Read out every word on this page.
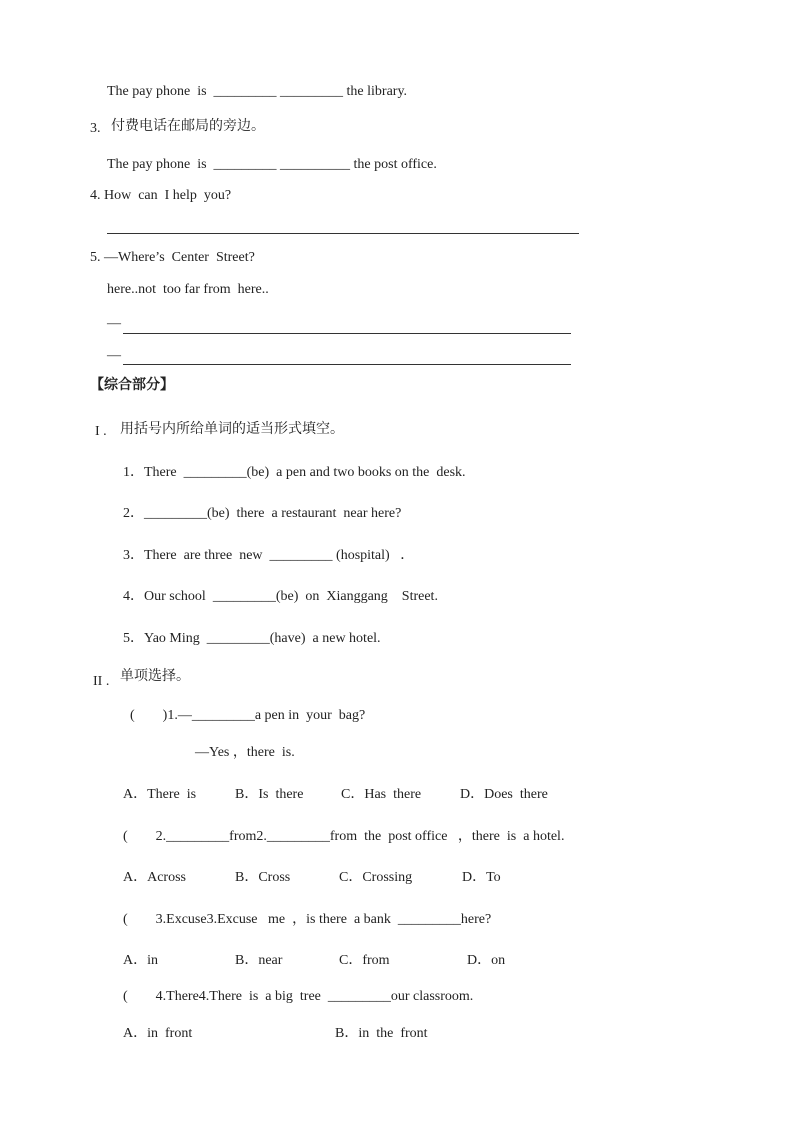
The pay phone  is  _________ _________ the library.
3. 付费电话在邮局的旁边。
The pay phone  is  _________ __________ the post office.
4. How  can  I help  you?
5. —Where’s  Center  Street?
here..not  too far from  here..
—
—
【综合部分】
I . 用括号内所给单词的适当形式填空。
1．There  _________(be)  a pen and two books on the  desk.
2．_________(be)  there  a restaurant  near here?
3．There  are three  new  _________ (hospital)   ．
4．Our school  _________(be)  on  Xianggang    Street.
5．Yao Ming  _________(have)  a new hotel.
II . 单项选择。
(        )1.—_________a pen in  your  bag?
—Yes ，there  is.
A．There  is	B．Is  there	C．Has  there	D．Does  there
(        2._________from2._________from  the  post office   ，there  is  a hotel.
A．Across	B．Cross	C．Crossing	D．To
(        3.Excuse3.Excuse   me  ，is there  a bank  _________here?
A．in	B．near	C．from	D．on
(        4.There4.There  is  a big  tree  _________our classroom.
A．in  front	B．in  the  front
